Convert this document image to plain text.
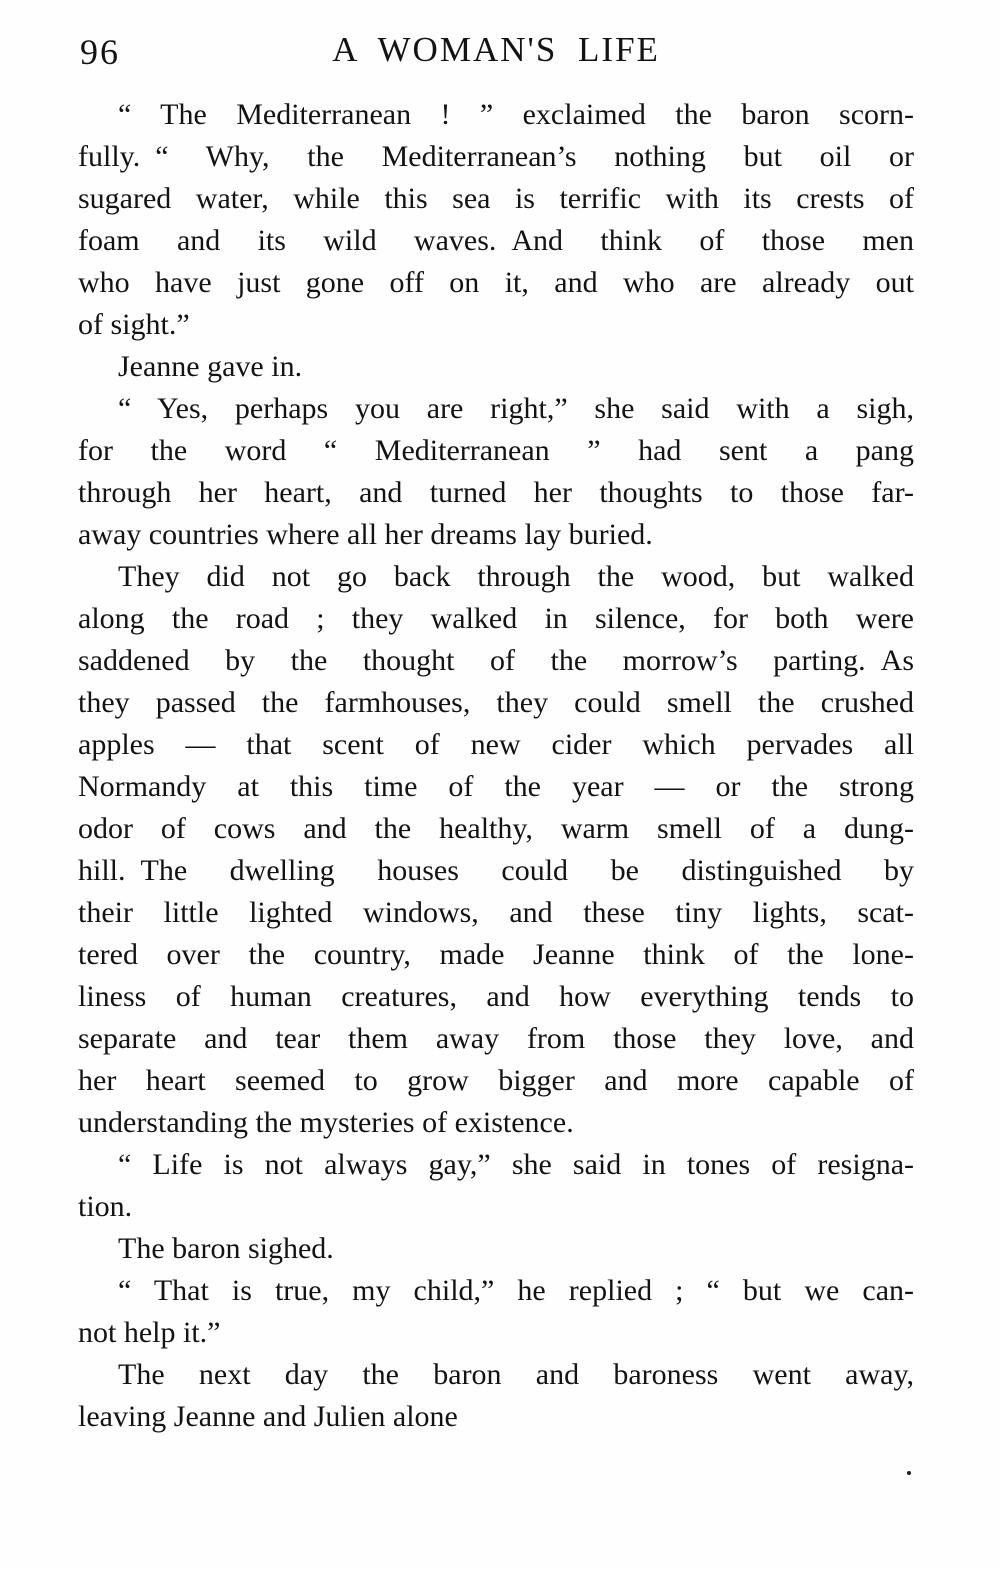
96	A WOMAN'S LIFE

“ The Mediterranean ! ” exclaimed the baron scorn-
fully. “ Why, the Mediterranean’s nothing but oil or
sugared water, while this sea is terrific with its crests of
foam and its wild waves. And think of those men
who have just gone off on it, and who are already out
of sight.”

Jeanne gave in.

“ Yes, perhaps you are right,” she said with a sigh,
for the word “ Mediterranean ” had sent a pang
through her heart, and turned her thoughts to those far-
away countries where all her dreams lay buried.

They did not go back through the wood, but walked
along the road ; they walked in silence, for both were
saddened by the thought of the morrow’s parting. As
they passed the farmhouses, they could smell the crushed
apples — that scent of new cider which pervades all
Normandy at this time of the year — or the strong
odor of cows and the healthy, warm smell of a dung-
hill. The dwelling houses could be distinguished by
their little lighted windows, and these tiny lights, scat-
tered over the country, made Jeanne think of the lone-
liness of human creatures, and how everything tends to
separate and tear them away from those they love, and
her heart seemed to grow bigger and more capable of
understanding the mysteries of existence.

“ Life is not always gay,” she said in tones of resigna-
tion.

The baron sighed.

“ That is true, my child,” he replied ; “ but we can-
not help it.”

The next day the baron and baroness went away,
leaving Jeanne and Julien alone
